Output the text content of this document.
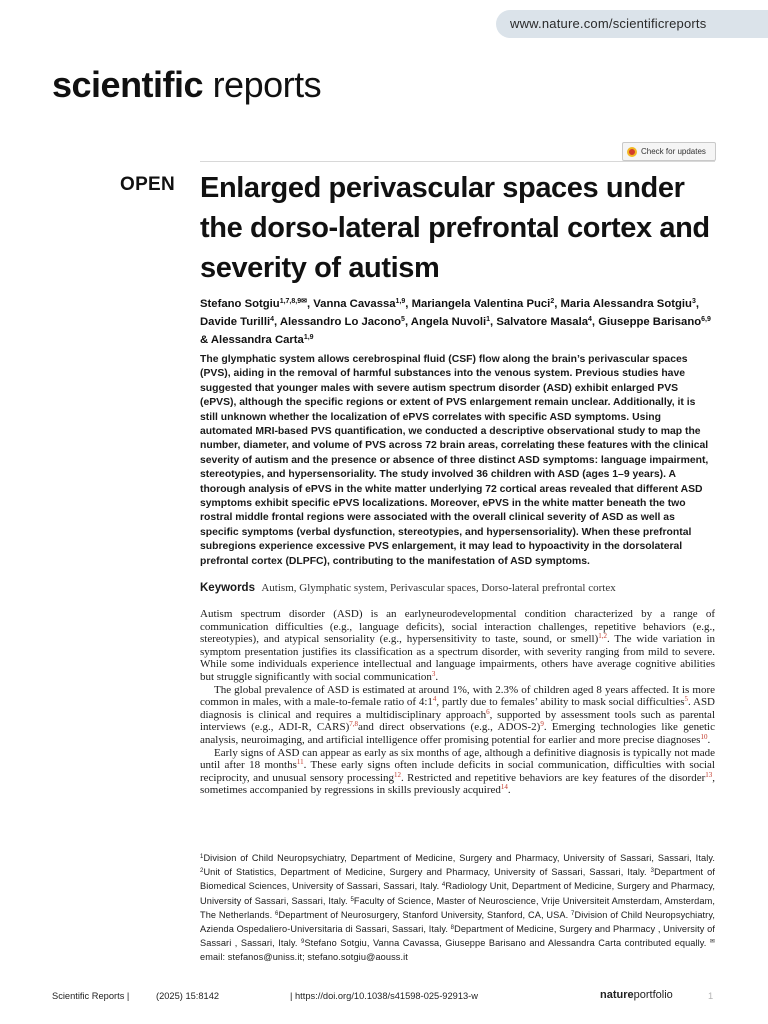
www.nature.com/scientificreports
scientific reports
Check for updates
OPEN Enlarged perivascular spaces under the dorso-lateral prefrontal cortex and severity of autism

Stefano Sotgiu$^{1,7,8,9✉}$, Vanna Cavassa$^{1,9}$, Mariangela Valentina Puci$^2$, Maria Alessandra Sotgiu$^3$, Davide Turilli$^4$, Alessandro Lo Jacono$^5$, Angela Nuvoli$^1$, Salvatore Masala$^4$, Giuseppe Barisano$^{6,9}$ & Alessandra Carta$^{1,9}$

The glymphatic system allows cerebrospinal fluid (CSF) flow along the brain’s perivascular spaces (PVS), aiding in the removal of harmful substances into the venous system. Previous studies have suggested that younger males with severe autism spectrum disorder (ASD) exhibit enlarged PVS (ePVS), although the specific regions or extent of PVS enlargement remain unclear. Additionally, it is still unknown whether the localization of ePVS correlates with specific ASD symptoms. Using automated MRI-based PVS quantification, we conducted a descriptive observational study to map the number, diameter, and volume of PVS across 72 brain areas, correlating these features with the clinical severity of autism and the presence or absence of three distinct ASD symptoms: language impairment, stereotypies, and hypersensoriality. The study involved 36 children with ASD (ages 1–9 years). A thorough analysis of ePVS in the white matter underlying 72 cortical areas revealed that different ASD symptoms exhibit specific ePVS localizations. Moreover, ePVS in the white matter beneath the two rostral middle frontal regions were associated with the overall clinical severity of ASD as well as specific symptoms (verbal dysfunction, stereotypies, and hypersensoriality). When these prefrontal subregions experience excessive PVS enlargement, it may lead to hypoactivity in the dorsolateral prefrontal cortex (DLPFC), contributing to the manifestation of ASD symptoms.

Keywords Autism, Glymphatic system, Perivascular spaces, Dorso-lateral prefrontal cortex

Autism spectrum disorder (ASD) is an earlyneurodevelopmental condition characterized by a range of communication difficulties (e.g., language deficits), social interaction challenges, repetitive behaviors (e.g., stereotypies), and atypical sensoriality (e.g., hypersensitivity to taste, sound, or smell)$^{1,2}$. The wide variation in symptom presentation justifies its classification as a spectrum disorder, with severity ranging from mild to severe. While some individuals experience intellectual and language impairments, others have average cognitive abilities but struggle significantly with social communication$^3$.

The global prevalence of ASD is estimated at around 1%, with 2.3% of children aged 8 years affected. It is more common in males, with a male-to-female ratio of $4:1^4$, partly due to females’ ability to mask social difficulties$^5$. ASD diagnosis is clinical and requires a multidisciplinary approach$^6$, supported by assessment tools such as parental interviews (e.g., ADI-R, CARS)$^{7,8}$and direct observations (e.g., ADOS-2)$^9$. Emerging technologies like genetic analysis, neuroimaging, and artificial intelligence offer promising potential for earlier and more precise diagnoses$^{10}$.

Early signs of ASD can appear as early as six months of age, although a definitive diagnosis is typically not made until after 18 months$^{11}$. These early signs often include deficits in social communication, difficulties with social reciprocity, and unusual sensory processing$^{12}$. Restricted and repetitive behaviors are key features of the disorder$^{13}$, sometimes accompanied by regressions in skills previously acquired$^{14}$.

$^1$Division of Child Neuropsychiatry, Department of Medicine, Surgery and Pharmacy, University of Sassari, Sassari, Italy. $^2$Unit of Statistics, Department of Medicine, Surgery and Pharmacy, University of Sassari, Sassari, Italy. $^3$Department of Biomedical Sciences, University of Sassari, Sassari, Italy. $^4$Radiology Unit, Department of Medicine, Surgery and Pharmacy, University of Sassari, Sassari, Italy. $^5$Faculty of Science, Master of Neuroscience, Vrije Universiteit Amsterdam, Amsterdam, The Netherlands. $^6$Department of Neurosurgery, Stanford University, Stanford, CA, USA. $^7$Division of Child Neuropsychiatry, Azienda Ospedaliero-Universitaria di Sassari, Sassari, Italy. $^8$Department of Medicine, Surgery and Pharmacy , University of Sassari , Sassari, Italy. $^9$Stefano Sotgiu, Vanna Cavassa, Giuseppe Barisano and Alessandra Carta contributed equally. ✉email: stefanos@uniss.it; stefano.sotgiu@aouss.it

Scientific Reports |	(2025) 15:8142	| https://doi.org/10.1038/s41598-025-92913-w	natureportfolio	1
